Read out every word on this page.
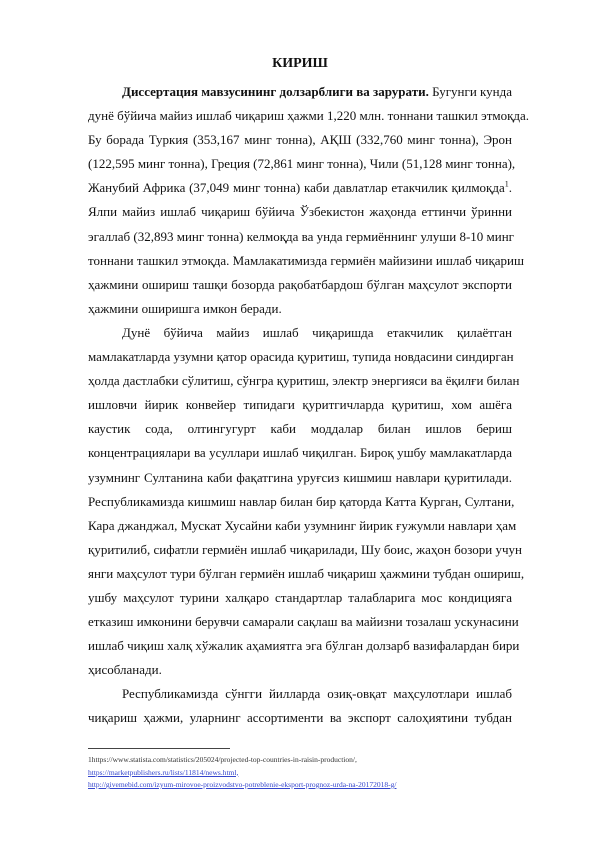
КИРИШ
Диссертация мавзусининг долзарблиги ва зарурати. Бугунги кунда
дунё бўйича майиз ишлаб чиқариш ҳажми 1,220 млн. тоннани ташкил этмоқда.
Бу борада Туркия (353,167 минг тонна), АҚШ (332,760 минг тонна), Эрон
(122,595 минг тонна), Греция (72,861 минг тонна), Чили (51,128 минг тонна),
Жанубий Африка (37,049 минг тонна) каби давлатлар етакчилик қилмоқда$^1$.
Ялпи майиз ишлаб чиқариш бўйича Ўзбекистон жаҳонда еттинчи ўринни
эгаллаб (32,893 минг тонна) келмоқда ва унда гермиённинг улуши 8-10 минг
тоннани ташкил этмоқда. Мамлакатимизда гермиён майизини ишлаб чиқариш
ҳажмини ошириш ташқи бозорда рақобатбардош бўлган маҳсулот экспорти
ҳажмини оширишга имкон беради.
Дунё бўйича майиз ишлаб чиқаришда етакчилик қилаётган
мамлакатларда узумни қатор орасида қуритиш, тупида новдасини синдирган
ҳолда дастлабки сўлитиш, сўнгра қуритиш, электр энергияси ва ёқилғи билан
ишловчи йирик конвейер типидаги қуритгичларда қуритиш, хом ашёга
каустик сода, олтингугурт каби моддалар билан ишлов бериш
концентрациялари ва усуллари ишлаб чиқилган. Бироқ ушбу мамлакатларда
узумнинг Султанина каби фақатгина уруғсиз кишмиш навлари қуритилади.
Республикамизда кишмиш навлар билан бир қаторда Катта Курган, Султани,
Кара джанджал, Мускат Хусайни каби узумнинг йирик ғужумли навлари ҳам
қуритилиб, сифатли гермиён ишлаб чиқарилади, Шу боис, жаҳон бозори учун
янги маҳсулот тури бўлган гермиён ишлаб чиқариш ҳажмини тубдан ошириш,
ушбу маҳсулот турини халқаро стандартлар талабларига мос кондицияга
етказиш имконини берувчи самарали сақлаш ва майизни тозалаш ускунасини
ишлаб чиқиш халқ хўжалик аҳамиятга эга бўлган долзарб вазифалардан бири
ҳисобланади.
Республикамизда сўнгги йилларда озиқ-овқат маҳсулотлари ишлаб
чиқариш ҳажми, уларнинг ассортименти ва экспорт салоҳиятини тубдан
1https://www.statista.com/statistics/205024/projected-top-countries-in-raisin-production/,
https://marketpublishers.ru/lists/11814/news.html,
http://givemebid.com/izyum-mirovoe-proizvodstvo-potreblenie-eksport-prognoz-urda-na-20172018-g/
